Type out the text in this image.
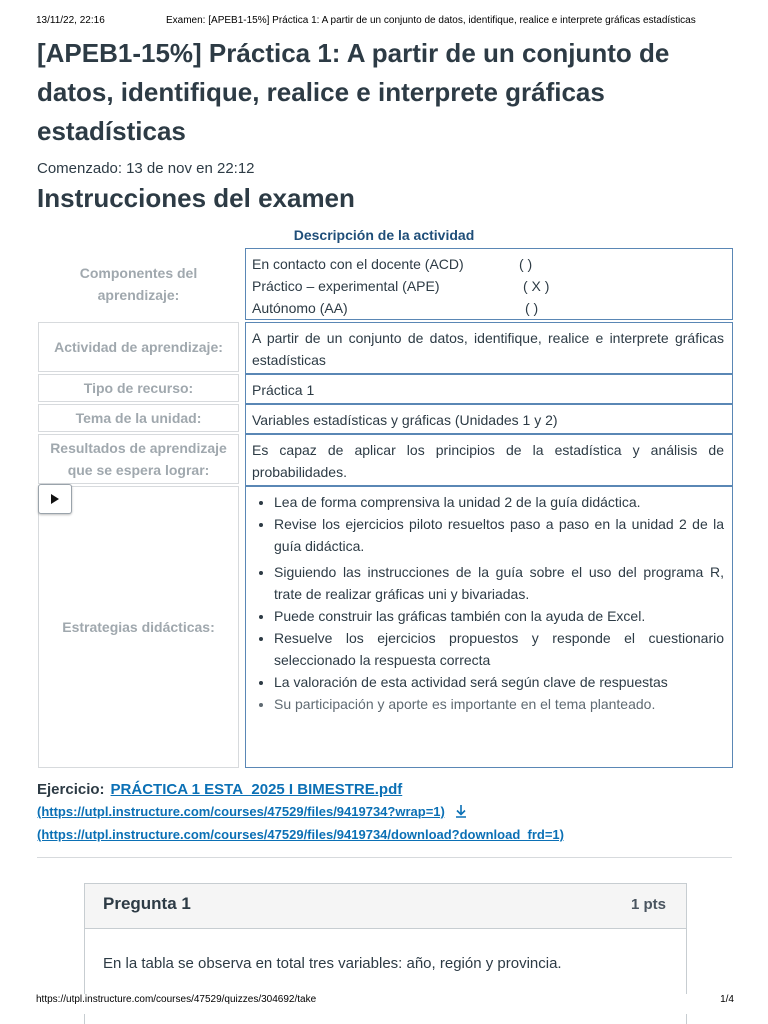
13/11/22, 22:16	Examen: [APEB1-15%] Práctica 1: A partir de un conjunto de datos, identifique, realice e interprete gráficas estadísticas
[APEB1-15%] Práctica 1: A partir de un conjunto de datos, identifique, realice e interprete gráficas estadísticas

Comenzado: 13 de nov en 22:12

Instrucciones del examen
Descripción de la actividad
Componentes del aprendizaje:
En contacto con el docente (ACD)	( )
Práctico – experimental (APE)	( X )
Autónomo (AA)	( )
Actividad de aprendizaje:
A partir de un conjunto de datos, identifique, realice e interprete gráficas estadísticas
Tipo de recurso:	Práctica 1
Tema de la unidad:	Variables estadísticas y gráficas (Unidades 1 y 2)
Resultados de aprendizaje que se espera lograr:
Es capaz de aplicar los principios de la estadística y análisis de probabilidades.
Estrategias didácticas:
• Lea de forma comprensiva la unidad 2 de la guía didáctica.
• Revise los ejercicios piloto resueltos paso a paso en la unidad 2 de la guía didáctica.
• Siguiendo las instrucciones de la guía sobre el uso del programa R, trate de realizar gráficas uni y bivariadas.
• Puede construir las gráficas también con la ayuda de Excel.
• Resuelve los ejercicios propuestos y responde el cuestionario seleccionado la respuesta correcta
• La valoración de esta actividad será según clave de respuestas
• Su participación y aporte es importante en el tema planteado.
Ejercicio: PRÁCTICA 1 ESTA_2025 I BIMESTRE.pdf
(https://utpl.instructure.com/courses/47529/files/9419734?wrap=1)
(https://utpl.instructure.com/courses/47529/files/9419734/download?download_frd=1)
Pregunta 1	1 pts
En la tabla se observa en total tres variables: año, región y provincia.
https://utpl.instructure.com/courses/47529/quizzes/304692/take	1/4
